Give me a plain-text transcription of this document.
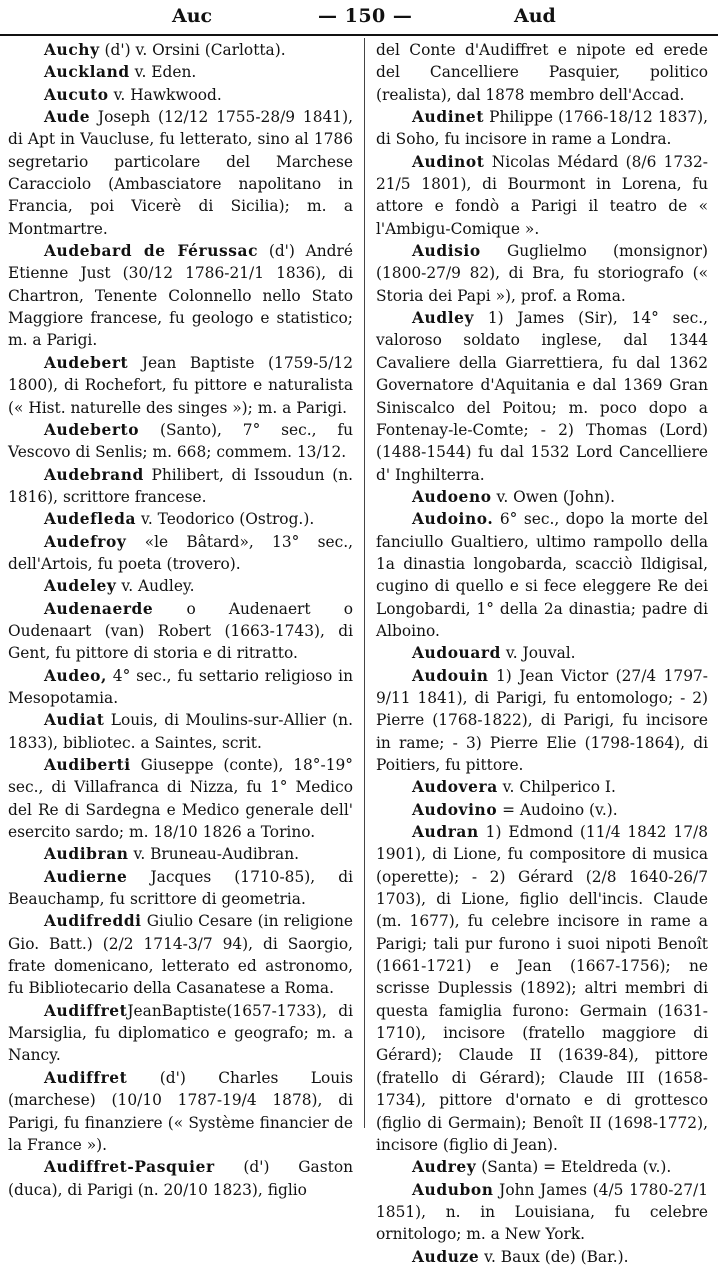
Auc	— 150 —	Aud

Auchy (d') v. Orsini (Carlotta).

Auckland v. Eden.

Aucuto v. Hawkwood.

Aude Joseph (12/12 1755-28/9 1841), di Apt in Vaucluse, fu letterato, sino al 1786 segretario particolare del Marchese Caracciolo (Ambasciatore napolitano in Francia, poi Vicerè di Sicilia); m. a Montmartre.

Audebard de Férussac (d') André Etienne Just (30/12 1786-21/1 1836), di Chartron, Tenente Colonnello nello Stato Maggiore francese, fu geologo e statistico; m. a Parigi.

Audebert Jean Baptiste (1759-5/12 1800), di Rochefort, fu pittore e naturalista (« Hist. naturelle des singes »); m. a Parigi.

Audeberto (Santo), 7° sec., fu Vescovo di Senlis; m. 668; commem. 13/12.

Audebrand Philibert, di Issoudun (n. 1816), scrittore francese.

Audefleda v. Teodorico (Ostrog.).

Audefroy «le Bâtard», 13° sec., dell'Artois, fu poeta (trovero).

Audeley v. Audley.

Audenaerde o Audenaert o Oudenaart (van) Robert (1663-1743), di Gent, fu pittore di storia e di ritratto.

Audeo, 4° sec., fu settario religioso in Mesopotamia.

Audiat Louis, di Moulins-sur-Allier (n. 1833), bibliotec. a Saintes, scrit.

Audiberti Giuseppe (conte), 18°-19° sec., di Villafranca di Nizza, fu 1° Medico del Re di Sardegna e Medico generale dell' esercito sardo; m. 18/10 1826 a Torino.

Audibran v. Bruneau-Audibran.

Audierne Jacques (1710-85), di Beauchamp, fu scrittore di geometria.

Audifreddi Giulio Cesare (in religione Gio. Batt.) (2/2 1714-3/7 94), di Saorgio, frate domenicano, letterato ed astronomo, fu Bibliotecario della Casanatese a Roma.

AudiffretJeanBaptiste(1657-1733), di Marsiglia, fu diplomatico e geografo; m. a Nancy.

Audiffret (d') Charles Louis (marchese) (10/10 1787-19/4 1878), di Parigi, fu finanziere (« Système financier de la France »).

Audiffret-Pasquier (d') Gaston (duca), di Parigi (n. 20/10 1823), figlio

del Conte d'Audiffret e nipote ed erede del Cancelliere Pasquier, politico (realista), dal 1878 membro dell'Accad.

Audinet Philippe (1766-18/12 1837), di Soho, fu incisore in rame a Londra.

Audinot Nicolas Médard (8/6 1732-21/5 1801), di Bourmont in Lorena, fu attore e fondò a Parigi il teatro de « l'Ambigu-Comique ».

Audisio Guglielmo (monsignor) (1800-27/9 82), di Bra, fu storiografo (« Storia dei Papi »), prof. a Roma.

Audley 1) James (Sir), 14° sec., valoroso soldato inglese, dal 1344 Cavaliere della Giarrettiera, fu dal 1362 Governatore d'Aquitania e dal 1369 Gran Siniscalco del Poitou; m. poco dopo a Fontenay-le-Comte; - 2) Thomas (Lord) (1488-1544) fu dal 1532 Lord Cancelliere d' Inghilterra.

Audoeno v. Owen (John).

Audoino. 6° sec., dopo la morte del fanciullo Gualtiero, ultimo rampollo della 1a dinastia longobarda, scacciò Ildigisal, cugino di quello e si fece eleggere Re dei Longobardi, 1° della 2a dinastia; padre di Alboino.

Audouard v. Jouval.

Audouin 1) Jean Victor (27/4 1797-9/11 1841), di Parigi, fu entomologo; - 2) Pierre (1768-1822), di Parigi, fu incisore in rame; - 3) Pierre Elie (1798-1864), di Poitiers, fu pittore.

Audovera v. Chilperico I.

Audovino = Audoino (v.).

Audran 1) Edmond (11/4 1842 17/8 1901), di Lione, fu compositore di musica (operette); - 2) Gérard (2/8 1640-26/7 1703), di Lione, figlio dell'incis. Claude (m. 1677), fu celebre incisore in rame a Parigi; tali pur furono i suoi nipoti Benoît (1661-1721) e Jean (1667-1756); ne scrisse Duplessis (1892); altri membri di questa famiglia furono: Germain (1631-1710), incisore (fratello maggiore di Gérard); Claude II (1639-84), pittore (fratello di Gérard); Claude III (1658-1734), pittore d'ornato e di grottesco (figlio di Germain); Benoît II (1698-1772), incisore (figlio di Jean).

Audrey (Santa) = Eteldreda (v.).

Audubon John James (4/5 1780-27/1 1851), n. in Louisiana, fu celebre ornitologo; m. a New York.

Auduze v. Baux (de) (Bar.).
